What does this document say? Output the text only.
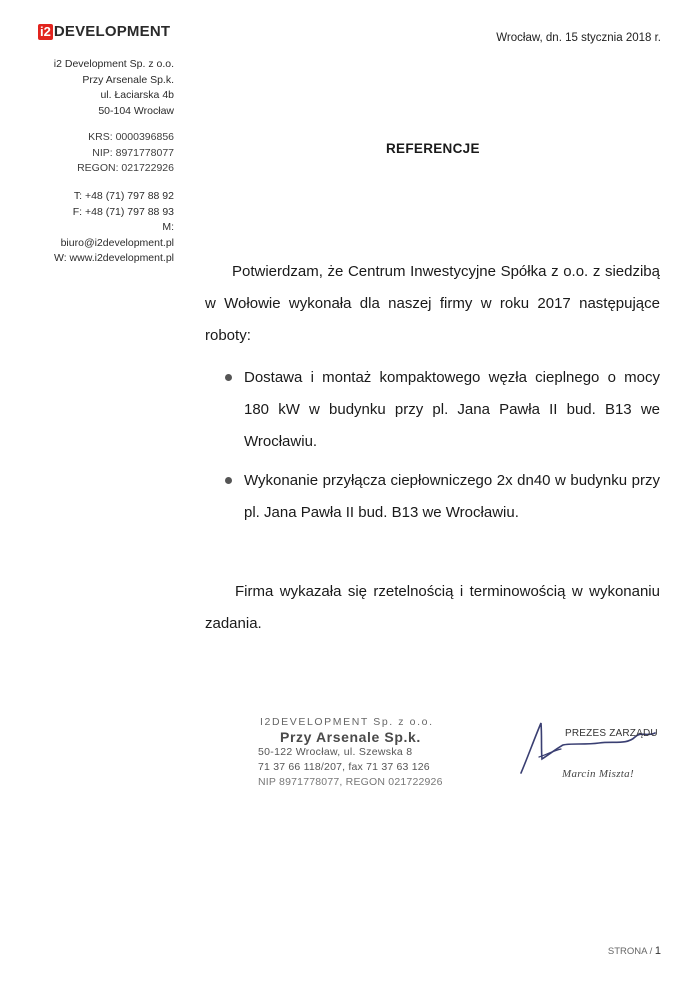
i2 DEVELOPMENT
i2 Development Sp. z o.o.
Przy Arsenale Sp.k.
ul. Łaciarska 4b
50-104 Wrocław
KRS: 0000396856
NIP: 8971778077
REGON: 021722926
T: +48 (71) 797 88 92
F: +48 (71) 797 88 93
M:
biuro@i2development.pl
W: www.i2development.pl
Wrocław, dn. 15 stycznia 2018 r.
REFERENCJE
Potwierdzam, że Centrum Inwestycyjne Spółka z o.o. z siedzibą w Wołowie wykonała dla naszej firmy w roku 2017 następujące roboty:
Dostawa i montaż kompaktowego węzła cieplnego o mocy 180 kW w budynku przy pl. Jana Pawła II bud. B13 we Wrocławiu.
Wykonanie przyłącza ciepłowniczego 2x dn40 w budynku przy pl. Jana Pawła II bud. B13 we Wrocławiu.
Firma wykazała się rzetelnością i terminowością w wykonaniu zadania.
I2DEVELOPMENT Sp. z o.o.
Przy Arsenale Sp.k.
50-122 Wrocław, ul. Szewska 8
71 37 66 118/207, fax 71 37 63 126
NIP 8971778077, REGON 021722926
PREZES ZARZĄDU
Marcin Miszta!
STRONA / 1
